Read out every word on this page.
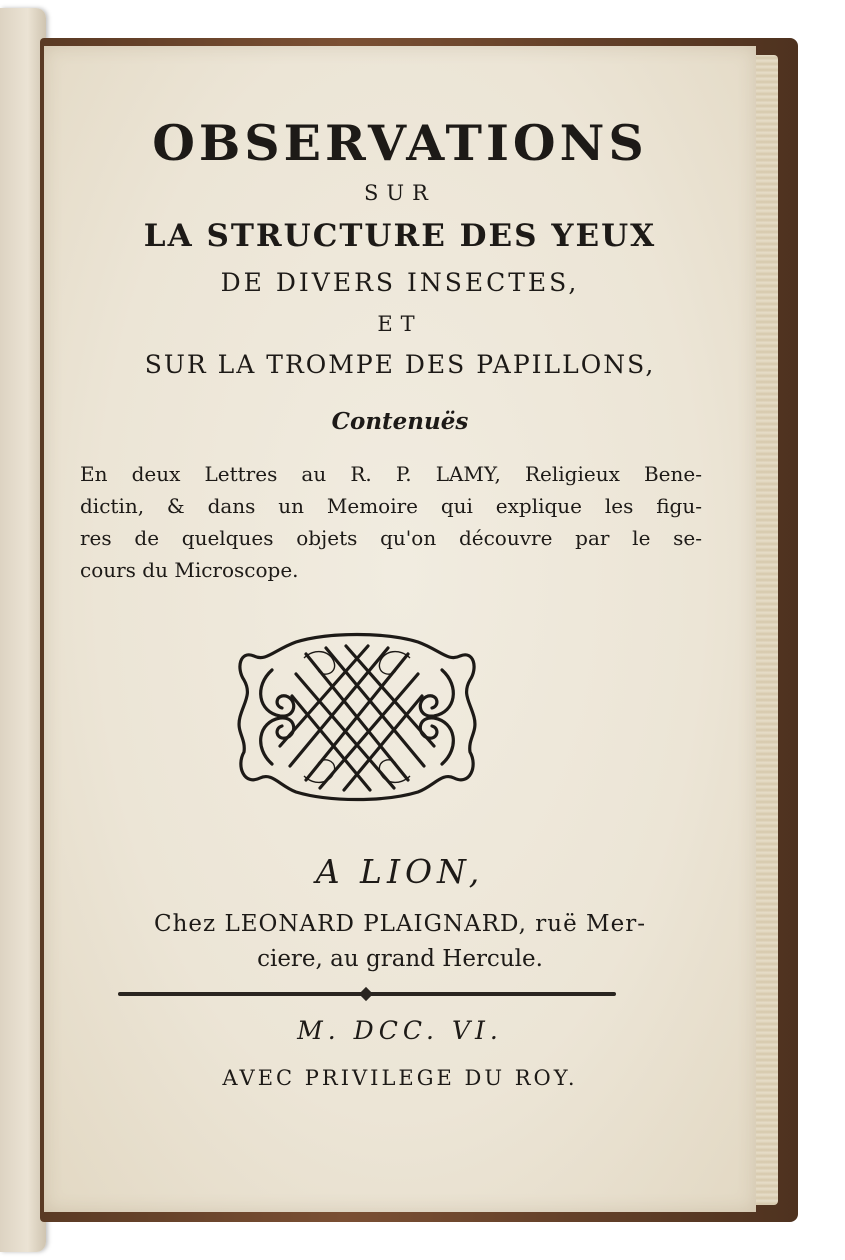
OBSERVATIONS
SUR
LA STRUCTURE DES YEUX
DE DIVERS INSECTES,
ET
SUR LA TROMPE DES PAPILLONS,
Contenuës
En deux Lettres au R. P. LAMY, Religieux Bene-
dictin, & dans un Memoire qui explique les figu-
res de quelques objets qu'on découvre par le se-
cours du Microscope.
A LION,
Chez LEONARD PLAIGNARD, ruë Mer-
ciere, au grand Hercule.
M. DCC. VI.
AVEC PRIVILEGE DU ROY.
